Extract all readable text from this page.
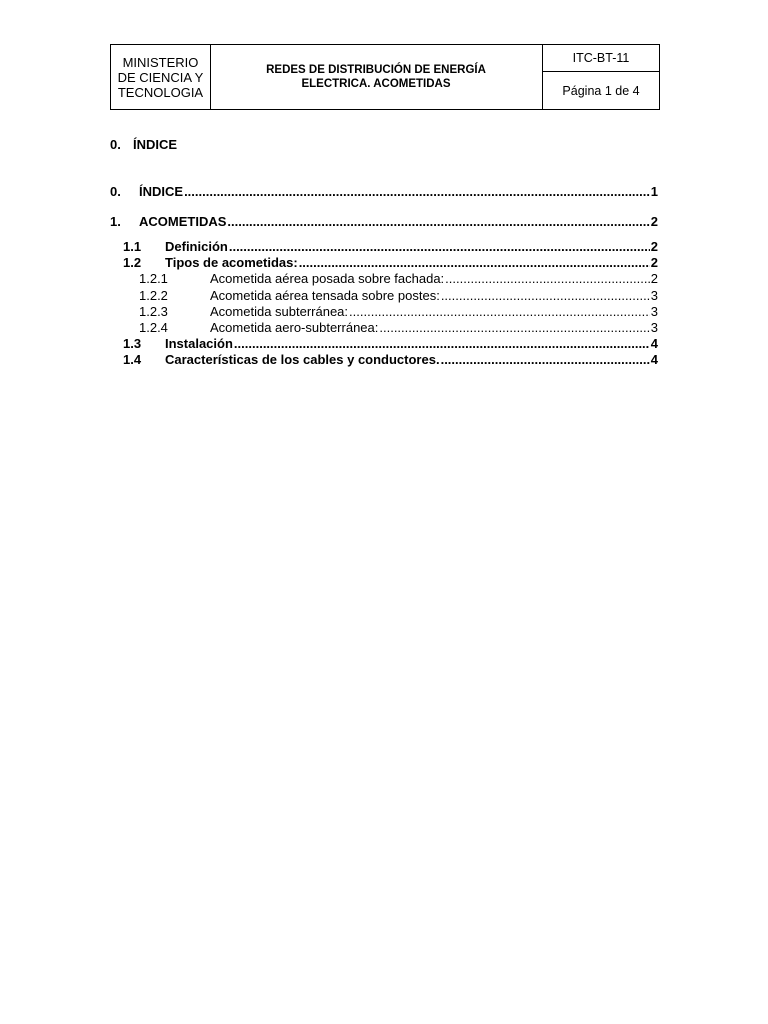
MINISTERIO
DE CIENCIA Y
TECNOLOGIA
REDES DE DISTRIBUCIÓN DE ENERGÍA
ELECTRICA. ACOMETIDAS
ITC-BT-11
Página 1 de 4
0. ÍNDICE
0.	ÍNDICE .....	1
1.	ACOMETIDAS .....	2
1.1	Definición .....	2
1.2	Tipos de acometidas: .....	2
1.2.1	Acometida aérea posada sobre fachada: .....	2
1.2.2	Acometida aérea tensada sobre postes: .....	3
1.2.3	Acometida subterránea: .....	3
1.2.4	Acometida aero-subterránea: .....	3
1.3	Instalación .....	4
1.4	Características de los cables y conductores. .....	4
